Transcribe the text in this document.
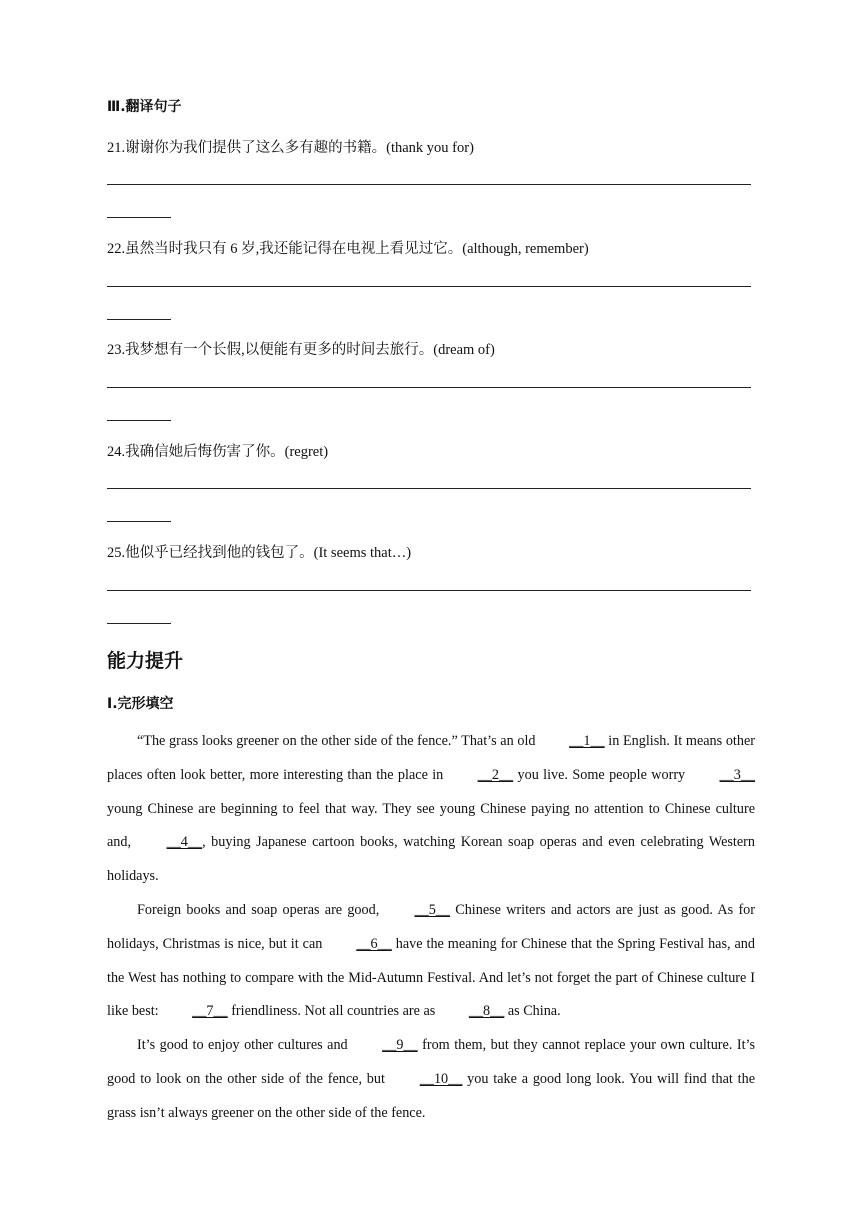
Ⅲ.翻译句子
21.谢谢你为我们提供了这么多有趣的书籍。(thank you for)
22.虽然当时我只有 6 岁,我还能记得在电视上看见过它。(although, remember)
23.我梦想有一个长假,以便能有更多的时间去旅行。(dream of)
24.我确信她后悔伤害了你。(regret)
25.他似乎已经找到他的钱包了。(It seems that…)
能力提升
Ⅰ.完形填空

“The grass looks greener on the other side of the fence.” That’s an old __1__ in English. It means other places often look better, more interesting than the place in __2__ you live. Some people worry __3__ young Chinese are beginning to feel that way. They see young Chinese paying no attention to Chinese culture and, __4__, buying Japanese cartoon books, watching Korean soap operas and even celebrating Western holidays.

Foreign books and soap operas are good, __5__ Chinese writers and actors are just as good. As for holidays, Christmas is nice, but it can __6__ have the meaning for Chinese that the Spring Festival has, and the West has nothing to compare with the Mid-Autumn Festival. And let’s not forget the part of Chinese culture I like best: __7__ friendliness. Not all countries are as __8__ as China.

It’s good to enjoy other cultures and __9__ from them, but they cannot replace your own culture. It’s good to look on the other side of the fence, but __10__ you take a good long look. You will find that the grass isn’t always greener on the other side of the fence.
